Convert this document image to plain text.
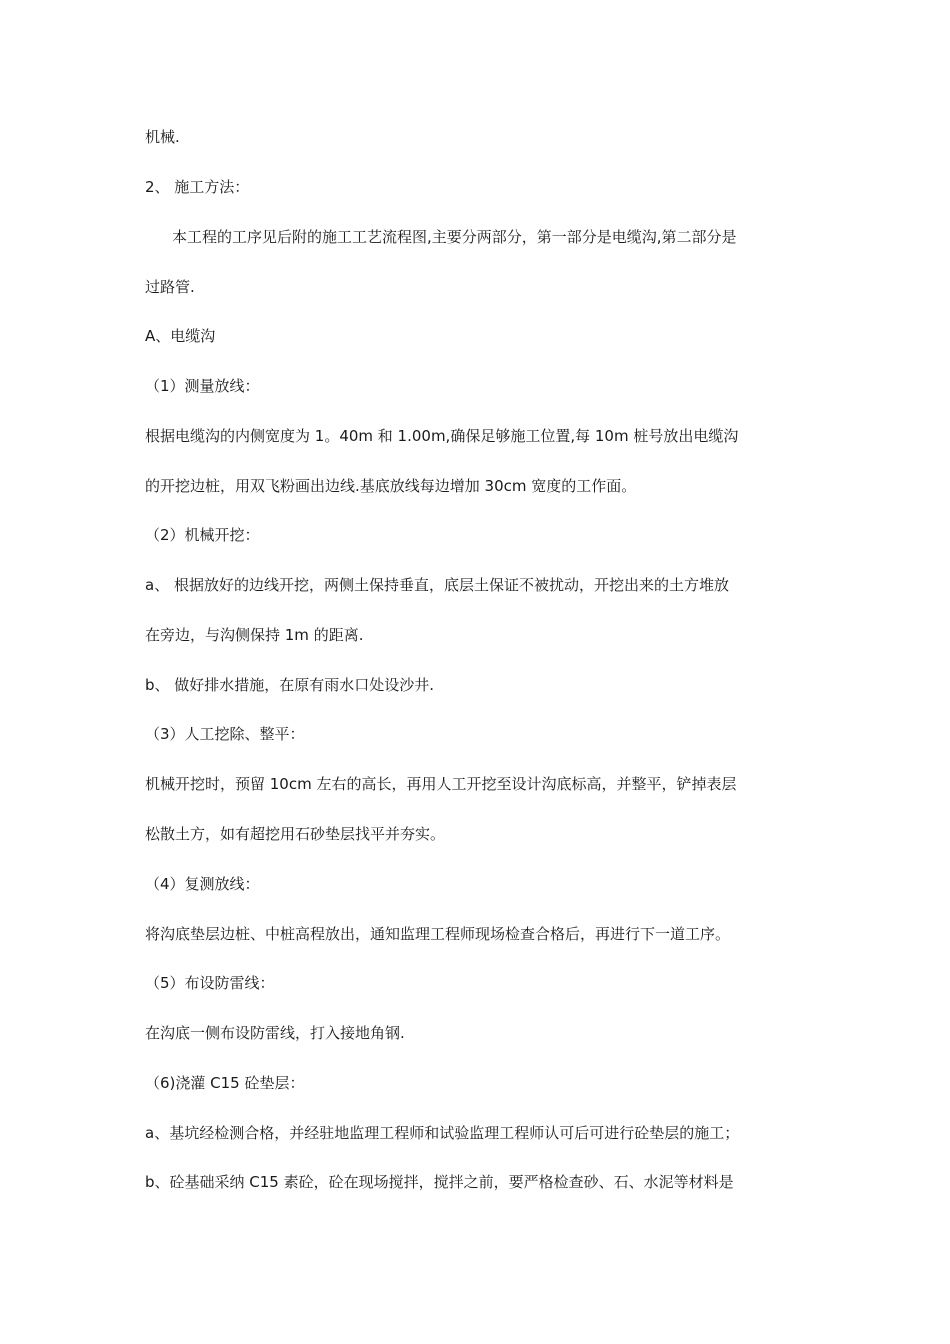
机械.
2、 施工方法：
本工程的工序见后附的施工工艺流程图,主要分两部分，第一部分是电缆沟,第二部分是
过路管.
A、电缆沟
（1）测量放线：
根据电缆沟的内侧宽度为 1。40m 和 1.00m,确保足够施工位置,每 10m 桩号放出电缆沟
的开挖边桩，用双飞粉画出边线.基底放线每边增加 30cm 宽度的工作面。
（2）机械开挖：
a、 根据放好的边线开挖，两侧土保持垂直，底层土保证不被扰动，开挖出来的土方堆放
在旁边，与沟侧保持 1m 的距离.
b、 做好排水措施，在原有雨水口处设沙井.
（3）人工挖除、整平：
机械开挖时，预留 10cm 左右的高长，再用人工开挖至设计沟底标高，并整平，铲掉表层
松散土方，如有超挖用石砂垫层找平并夯实。
（4）复测放线：
将沟底垫层边桩、中桩高程放出，通知监理工程师现场检查合格后，再进行下一道工序。
（5）布设防雷线：
在沟底一侧布设防雷线，打入接地角钢.
（6)浇灌 C15 砼垫层：
a、基坑经检测合格，并经驻地监理工程师和试验监理工程师认可后可进行砼垫层的施工；
b、砼基础采纳 C15 素砼，砼在现场搅拌，搅拌之前，要严格检查砂、石、水泥等材料是
